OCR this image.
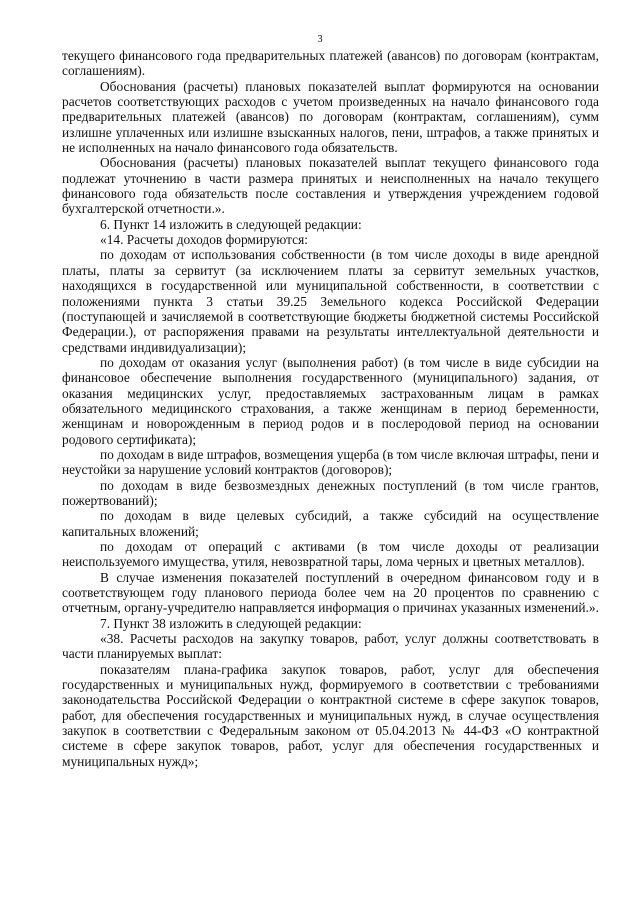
3

текущего финансового года предварительных платежей (авансов) по договорам (контрактам, соглашениям).

Обоснования (расчеты) плановых показателей выплат формируются на основании расчетов соответствующих расходов с учетом произведенных на начало финансового года предварительных платежей (авансов) по договорам (контрактам, соглашениям), сумм излишне уплаченных или излишне взысканных налогов, пени, штрафов, а также принятых и не исполненных на начало финансового года обязательств.

Обоснования (расчеты) плановых показателей выплат текущего финансового года подлежат уточнению в части размера принятых и неисполненных на начало текущего финансового года обязательств после составления и утверждения учреждением годовой бухгалтерской отчетности.».

6. Пункт 14 изложить в следующей редакции:

«14. Расчеты доходов формируются:

по доходам от использования собственности (в том числе доходы в виде арендной платы, платы за сервитут (за исключением платы за сервитут земельных участков, находящихся в государственной или муниципальной собственности, в соответствии с положениями пункта 3 статьи 39.25 Земельного кодекса Российской Федерации (поступающей и зачисляемой в соответствующие бюджеты бюджетной системы Российской Федерации.), от распоряжения правами на результаты интеллектуальной деятельности и средствами индивидуализации);

по доходам от оказания услуг (выполнения работ) (в том числе в виде субсидии на финансовое обеспечение выполнения государственного (муниципального) задания, от оказания медицинских услуг, предоставляемых застрахованным лицам в рамках обязательного медицинского страхования, а также женщинам в период беременности, женщинам и новорожденным в период родов и в послеродовой период на основании родового сертификата);

по доходам в виде штрафов, возмещения ущерба (в том числе включая штрафы, пени и неустойки за нарушение условий контрактов (договоров);

по доходам в виде безвозмездных денежных поступлений (в том числе грантов, пожертвований);

по доходам в виде целевых субсидий, а также субсидий на осуществление капитальных вложений;

по доходам от операций с активами (в том числе доходы от реализации неиспользуемого имущества, утиля, невозвратной тары, лома черных и цветных металлов).

В случае изменения показателей поступлений в очередном финансовом году и в соответствующем году планового периода более чем на 20 процентов по сравнению с отчетным, органу-учредителю направляется информация о причинах указанных изменений.».

7. Пункт 38 изложить в следующей редакции:

«38. Расчеты расходов на закупку товаров, работ, услуг должны соответствовать в части планируемых выплат:

показателям плана-графика закупок товаров, работ, услуг для обеспечения государственных и муниципальных нужд, формируемого в соответствии с требованиями законодательства Российской Федерации о контрактной системе в сфере закупок товаров, работ, для обеспечения государственных и муниципальных нужд, в случае осуществления закупок в соответствии с Федеральным законом от 05.04.2013 № 44-ФЗ «О контрактной системе в сфере закупок товаров, работ, услуг для обеспечения государственных и муниципальных нужд»;
